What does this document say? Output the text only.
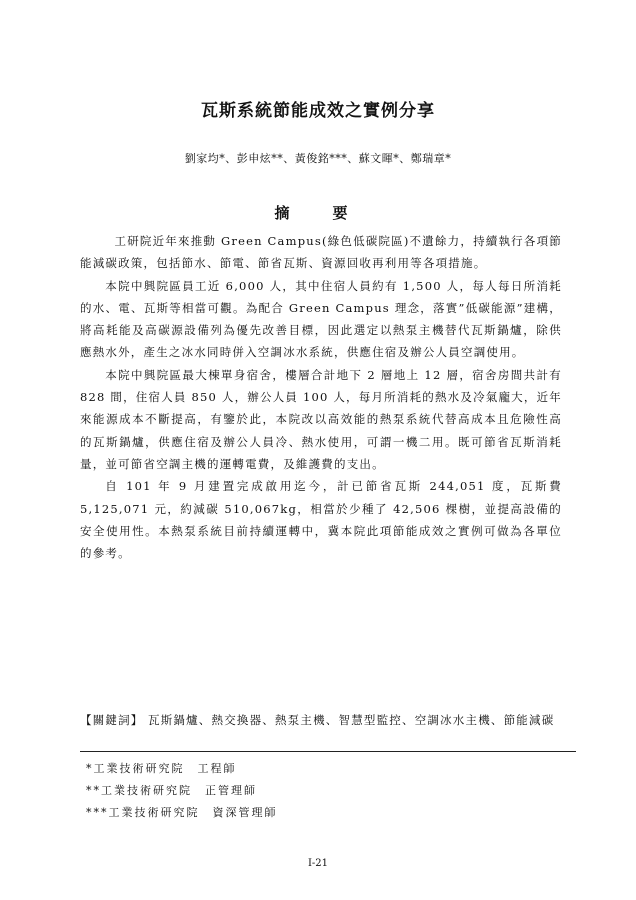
瓦斯系統節能成效之實例分享
劉家均*、彭申炫**、黃俊銘***、蘇文暉*、鄭瑞章*
摘　要

工研院近年來推動 Green Campus(綠色低碳院區)不遺餘力，持續執行各項節能減碳政策，包括節水、節電、節省瓦斯、資源回收再利用等各項措施。

本院中興院區員工近 6,000 人，其中住宿人員約有 1,500 人，每人每日所消耗的水、電、瓦斯等相當可觀。為配合 Green Campus 理念，落實”低碳能源”建構，將高耗能及高碳源設備列為優先改善目標，因此選定以熱泵主機替代瓦斯鍋爐，除供應熱水外，產生之冰水同時併入空調冰水系統，供應住宿及辦公人員空調使用。

本院中興院區最大棟單身宿舍，樓層合計地下 2 層地上 12 層，宿舍房間共計有 828 間，住宿人員 850 人，辦公人員 100 人，每月所消耗的熱水及冷氣龐大，近年來能源成本不斷提高，有鑒於此，本院改以高效能的熱泵系統代替高成本且危險性高的瓦斯鍋爐，供應住宿及辦公人員冷、熱水使用，可謂一機二用。既可節省瓦斯消耗量，並可節省空調主機的運轉電費，及維護費的支出。

自 101 年 9 月建置完成啟用迄今，計已節省瓦斯 244,051 度，瓦斯費 5,125,071 元，約減碳 510,067kg，相當於少種了 42,506 棵樹，並提高設備的安全使用性。本熱泵系統目前持續運轉中，冀本院此項節能成效之實例可做為各單位的參考。

【關鍵詞】 瓦斯鍋爐、熱交換器、熱泵主機、智慧型監控、空調冰水主機、節能減碳
*工業技術研究院　工程師
**工業技術研究院　正管理師
***工業技術研究院　資深管理師
I-21
